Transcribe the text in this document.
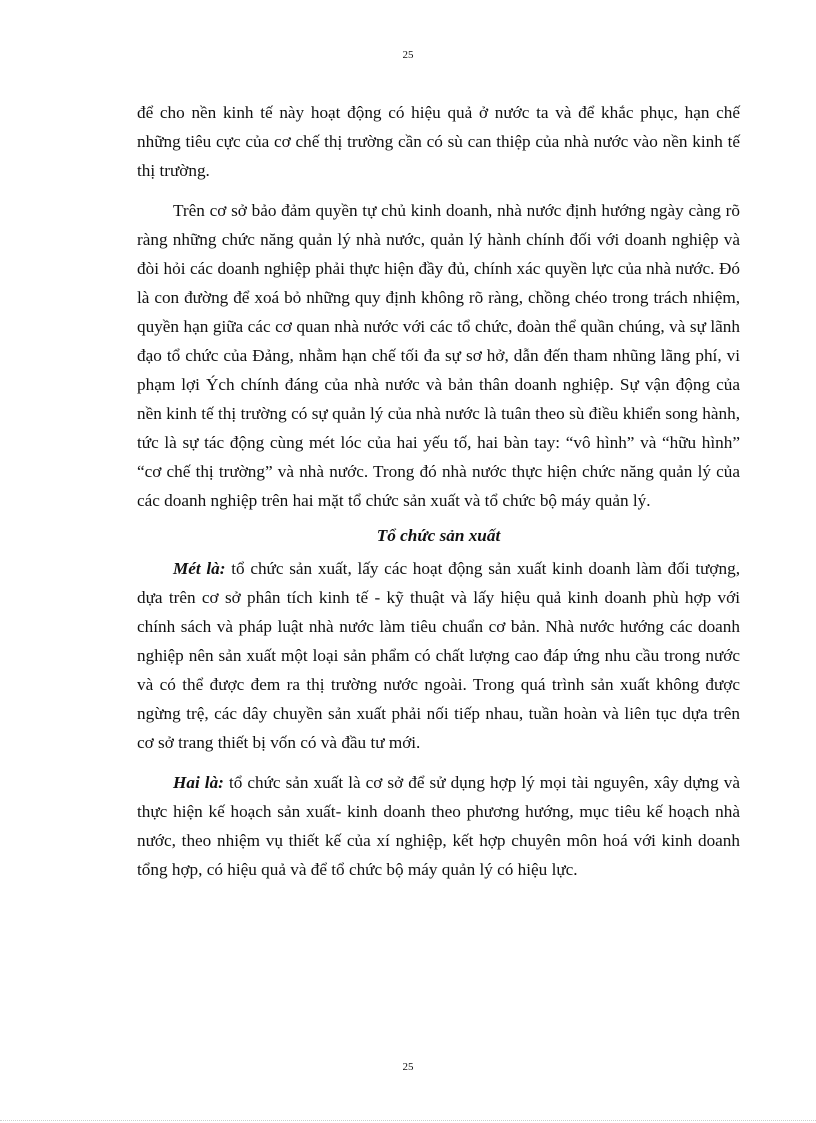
25

để cho nền kinh tế này hoạt động có hiệu quả ở nước ta và để khắc phục, hạn chế những tiêu cực của cơ chế thị trường cần có sù can thiệp của nhà nước vào nền kinh tế thị trường.

Trên cơ sở bảo đảm quyền tự chủ kinh doanh, nhà nước định hướng ngày càng rõ ràng những chức năng quản lý nhà nước, quản lý hành chính đối với doanh nghiệp và đòi hỏi các doanh nghiệp phải thực hiện đầy đủ, chính xác quyền lực của nhà nước. Đó là con đường để xoá bỏ những quy định không rõ ràng, chồng chéo trong trách nhiệm, quyền hạn giữa các cơ quan nhà nước với các tổ chức, đoàn thể quần chúng, và sự lãnh đạo tổ chức của Đảng, nhằm hạn chế tối đa sự sơ hở, dẫn đến tham nhũng lãng phí, vi phạm lợi Ých chính đáng của nhà nước và bản thân doanh nghiệp. Sự vận động của nền kinh tế thị trường có sự quản lý của nhà nước là tuân theo sù điều khiển song hành, tức là sự tác động cùng mét lóc của hai yếu tố, hai bàn tay: “vô hình” và “hữu hình” “cơ chế thị trường” và nhà nước. Trong đó nhà nước thực hiện chức năng quản lý của các doanh nghiệp trên hai mặt tổ chức sản xuất và tổ chức bộ máy quản lý.

Tổ chức sản xuất

Mét là: tổ chức sản xuất, lấy các hoạt động sản xuất kinh doanh làm đối tượng, dựa trên cơ sở phân tích kinh tế - kỹ thuật và lấy hiệu quả kinh doanh phù hợp với chính sách và pháp luật nhà nước làm tiêu chuẩn cơ bản. Nhà nước hướng các doanh nghiệp nên sản xuất một loại sản phẩm có chất lượng cao đáp ứng nhu cầu trong nước và có thể được đem ra thị trường nước ngoài. Trong quá trình sản xuất không được ngừng trệ, các dây chuyền sản xuất phải nối tiếp nhau, tuần hoàn và liên tục dựa trên cơ sở trang thiết bị vốn có và đầu tư mới.

Hai là: tổ chức sản xuất là cơ sở để sử dụng hợp lý mọi tài nguyên, xây dựng và thực hiện kế hoạch sản xuất- kinh doanh theo phương hướng, mục tiêu kế hoạch nhà nước, theo nhiệm vụ thiết kế của xí nghiệp, kết hợp chuyên môn hoá với kinh doanh tổng hợp, có hiệu quả và để tổ chức bộ máy quản lý có hiệu lực.

25
